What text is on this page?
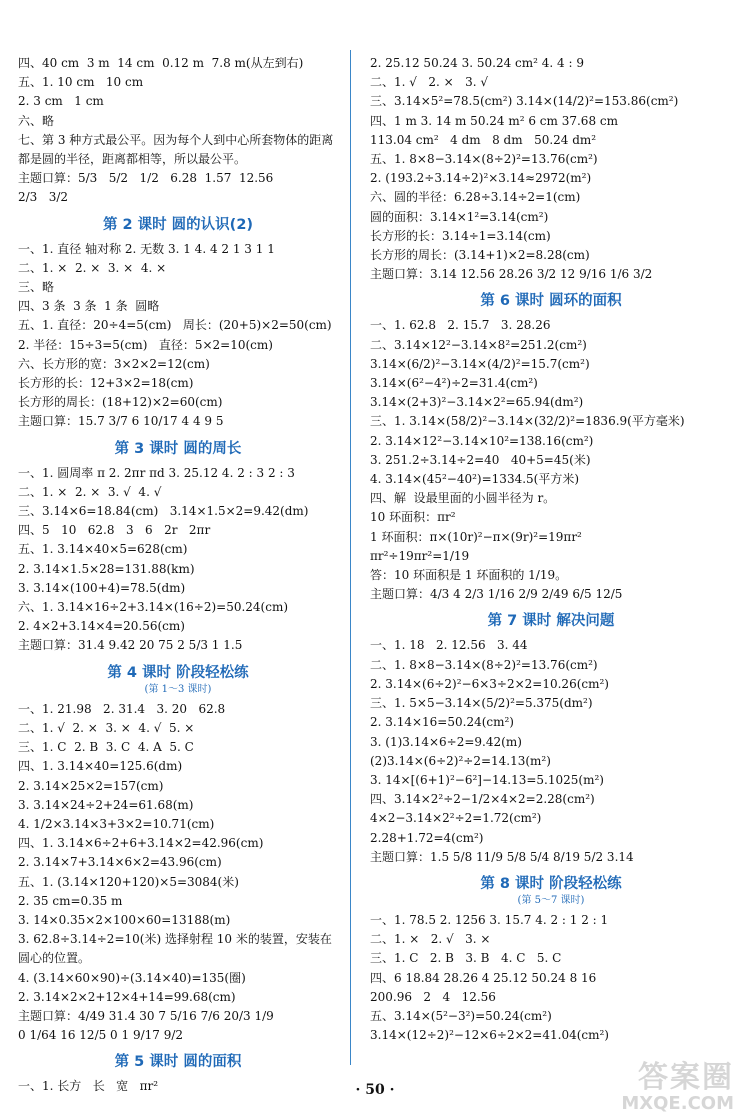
四、40 cm  3 m  14 cm  0.12 m  7.8 m(从左到右)
五、1. 10 cm   10 cm
2. 3 cm   1 cm
六、略
七、第 3 种方式最公平。因为每个人到中心所套物体的距离都是圆的半径，距离都相等，所以最公平。
主题口算：5/3   5/2   1/2   6.28  1.57  12.56
2/3   3/2
第 2 课时 圆的认识(2)
一、1. 直径 轴对称 2. 无数 3. 1 4. 4 2 1 3 1 1
二、1. ×  2. ×  3. ×  4. ×
三、略
四、3 条  3 条  1 条  圆略
五、1. 直径：20÷4=5(cm)   周长：(20+5)×2=50(cm)
2. 半径：15÷3=5(cm)   直径：5×2=10(cm)
六、长方形的宽：3×2×2=12(cm)
长方形的长：12+3×2=18(cm)
长方形的周长：(18+12)×2=60(cm)
主题口算：15.7 3/7 6 10/17 4 4 9 5
第 3 课时 圆的周长
一、1. 圆周率 π 2. 2πr πd 3. 25.12 4. 2 : 3 2 : 3
二、1. ×  2. ×  3. √  4. √
三、3.14×6=18.84(cm)   3.14×1.5×2=9.42(dm)
四、5   10   62.8   3   6   2r   2πr
五、1. 3.14×40×5=628(cm)
2. 3.14×1.5×28=131.88(km)
3. 3.14×(100+4)=78.5(dm)
六、1. 3.14×16÷2+3.14×(16÷2)=50.24(cm)
2. 4×2+3.14×4=20.56(cm)
主题口算：31.4 9.42 20 75 2 5/3 1 1.5
第 4 课时 阶段轻松练
(第 1～3 课时)
一、1. 21.98   2. 31.4   3. 20   62.8
二、1. √  2. ×  3. ×  4. √  5. ×
三、1. C  2. B  3. C  4. A  5. C
四、1. 3.14×40=125.6(dm)
2. 3.14×25×2=157(cm)
3. 3.14×24÷2+24=61.68(m)
4. 1/2×3.14×3+3×2=10.71(cm)
四、1. 3.14×6÷2+6+3.14×2=42.96(cm)
2. 3.14×7+3.14×6×2=43.96(cm)
五、1. (3.14×120+120)×5=3084(米)
2. 35 cm=0.35 m
3. 14×0.35×2×100×60=13188(m)
3. 62.8÷3.14÷2=10(米) 选择射程 10 米的装置，安装在圆心的位置。
4. (3.14×60×90)÷(3.14×40)=135(圈)
2. 3.14×2×2+12×4+14=99.68(cm)
主题口算：4/49 31.4 30 7 5/16 7/6 20/3 1/9
0 1/64 16 12/5 0 1 9/17 9/2
第 5 课时 圆的面积
一、1. 长方   长   宽   πr²
2. 25.12 50.24 3. 50.24 cm² 4. 4 : 9
二、1. √   2. ×   3. √
三、3.14×5²=78.5(cm²) 3.14×(14/2)²=153.86(cm²)
四、1 m 3. 14 m 50.24 m² 6 cm 37.68 cm
113.04 cm²   4 dm   8 dm   50.24 dm²
五、1. 8×8−3.14×(8÷2)²=13.76(cm²)
2. (193.2÷3.14÷2)²×3.14≈2972(m²)
六、圆的半径：6.28÷3.14÷2=1(cm)
圆的面积：3.14×1²=3.14(cm²)
长方形的长：3.14÷1=3.14(cm)
长方形的周长：(3.14+1)×2=8.28(cm)
主题口算：3.14 12.56 28.26 3/2 12 9/16 1/6 3/2
第 6 课时 圆环的面积
一、1. 62.8   2. 15.7   3. 28.26
二、3.14×12²−3.14×8²=251.2(cm²)
3.14×(6/2)²−3.14×(4/2)²=15.7(cm²)
3.14×(6²−4²)÷2=31.4(cm²)
3.14×(2+3)²−3.14×2²=65.94(dm²)
三、1. 3.14×(58/2)²−3.14×(32/2)²=1836.9(平方毫米)
2. 3.14×12²−3.14×10²=138.16(cm²)
3. 251.2÷3.14÷2=40   40+5=45(米)
4. 3.14×(45²−40²)=1334.5(平方米)
四、解  设最里面的小圆半径为 r。
10 环面积：πr²
1 环面积：π×(10r)²−π×(9r)²=19πr²
πr²÷19πr²=1/19
答：10 环面积是 1 环面积的 1/19。
主题口算：4/3 4 2/3 1/16 2/9 2/49 6/5 12/5
第 7 课时 解决问题
一、1. 18   2. 12.56   3. 44
二、1. 8×8−3.14×(8÷2)²=13.76(cm²)
2. 3.14×(6÷2)²−6×3÷2×2=10.26(cm²)
三、1. 5×5−3.14×(5/2)²=5.375(dm²)
2. 3.14×16=50.24(cm²)
3. (1)3.14×6÷2=9.42(m)
(2)3.14×(6÷2)²÷2=14.13(m²)
3. 14×[(6+1)²−6²]−14.13=5.1025(m²)
四、3.14×2²÷2−1/2×4×2=2.28(cm²)
4×2−3.14×2²÷2=1.72(cm²)
2.28+1.72=4(cm²)
主题口算：1.5 5/8 11/9 5/8 5/4 8/19 5/2 3.14
第 8 课时 阶段轻松练
(第 5～7 课时)
一、1. 78.5 2. 1256 3. 15.7 4. 2 : 1 2 : 1
二、1. ×   2. √   3. ×
三、1. C   2. B   3. B   4. C   5. C
四、6 18.84 28.26 4 25.12 50.24 8 16
200.96   2   4   12.56
五、3.14×(5²−3²)=50.24(cm²)
3.14×(12÷2)²−12×6÷2×2=41.04(cm²)
· 50 ·	答案圈
MXQE.COM
